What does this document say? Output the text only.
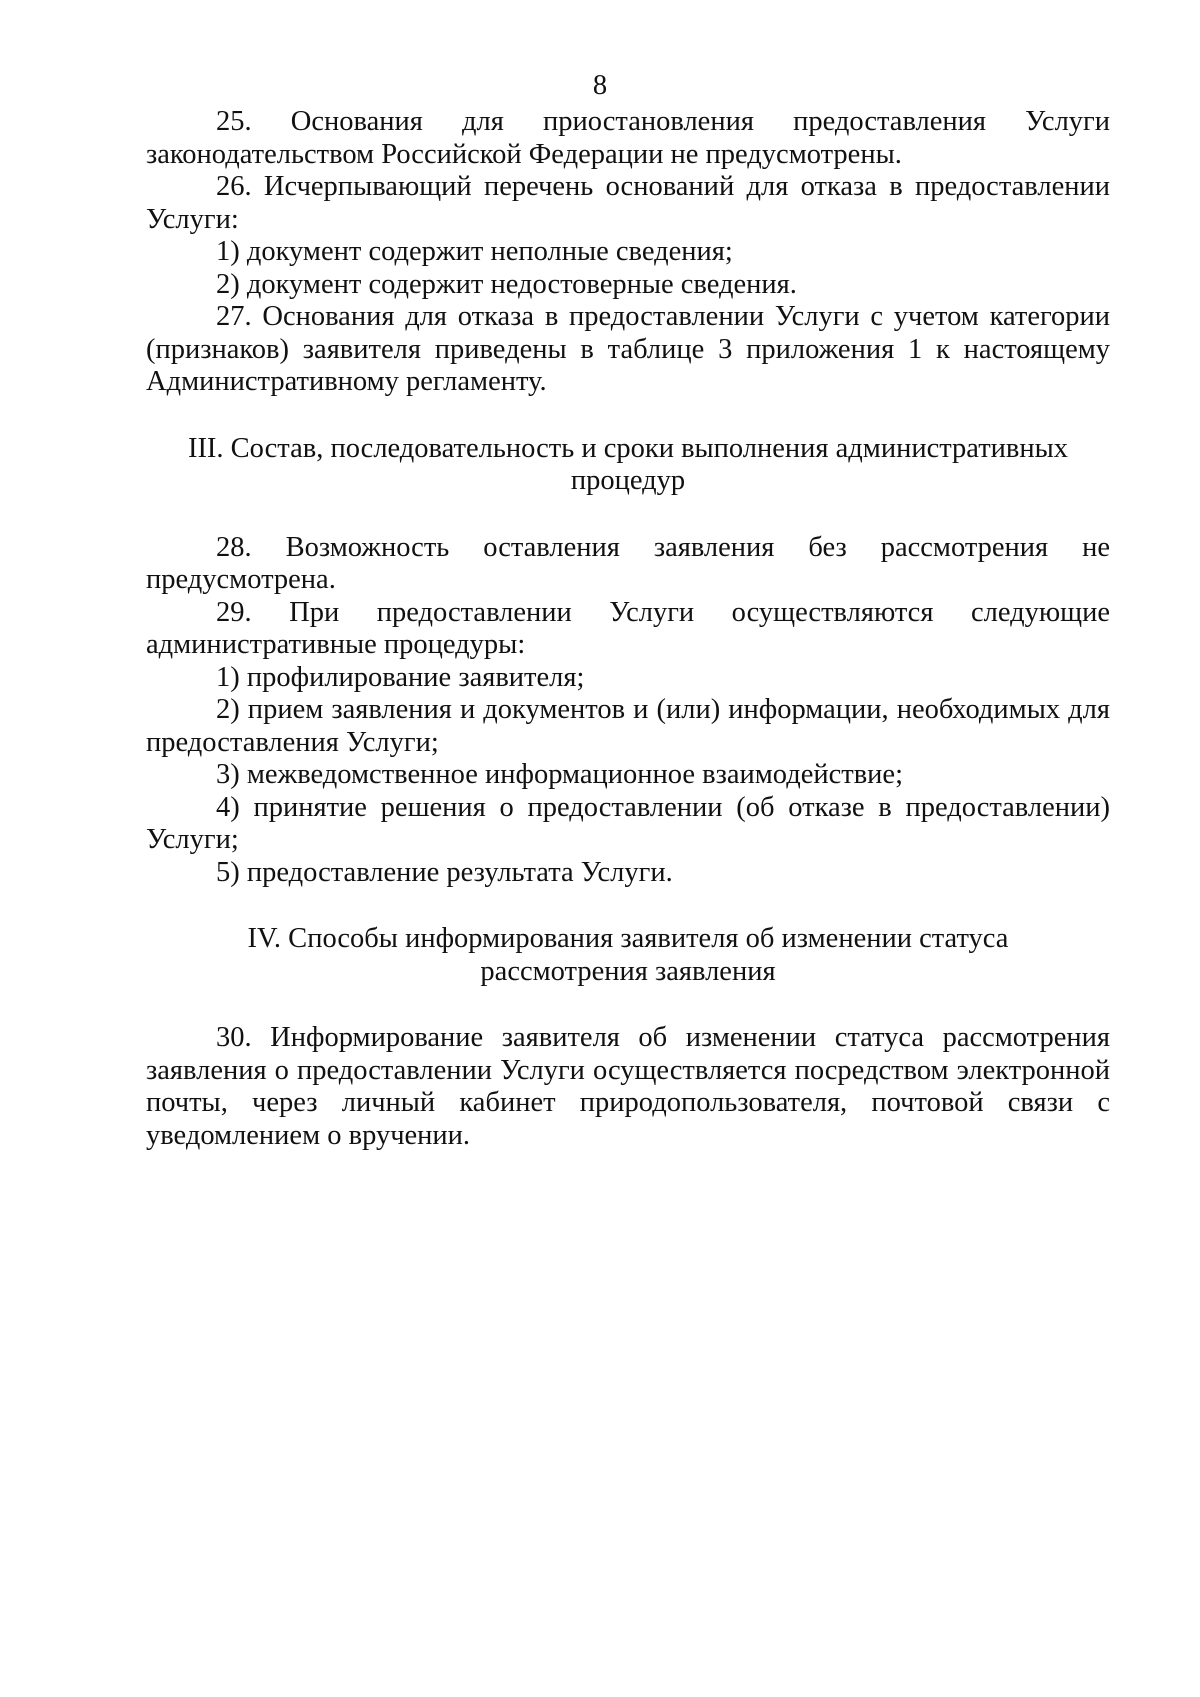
8

25. Основания для приостановления предоставления Услуги законодательством Российской Федерации не предусмотрены.

26. Исчерпывающий перечень оснований для отказа в предоставлении Услуги:

1) документ содержит неполные сведения;

2) документ содержит недостоверные сведения.

27. Основания для отказа в предоставлении Услуги с учетом категории (признаков) заявителя приведены в таблице 3 приложения 1 к настоящему Административному регламенту.

III. Состав, последовательность и сроки выполнения административных
процедур

28. Возможность оставления заявления без рассмотрения не предусмотрена.

29. При предоставлении Услуги осуществляются следующие административные процедуры:

1) профилирование заявителя;

2) прием заявления и документов и (или) информации, необходимых для предоставления Услуги;

3) межведомственное информационное взаимодействие;

4) принятие решения о предоставлении (об отказе в предоставлении) Услуги;

5) предоставление результата Услуги.

IV. Способы информирования заявителя об изменении статуса
рассмотрения заявления

30. Информирование заявителя об изменении статуса рассмотрения заявления о предоставлении Услуги осуществляется посредством электронной почты, через личный кабинет природопользователя, почтовой связи с уведомлением о вручении.
